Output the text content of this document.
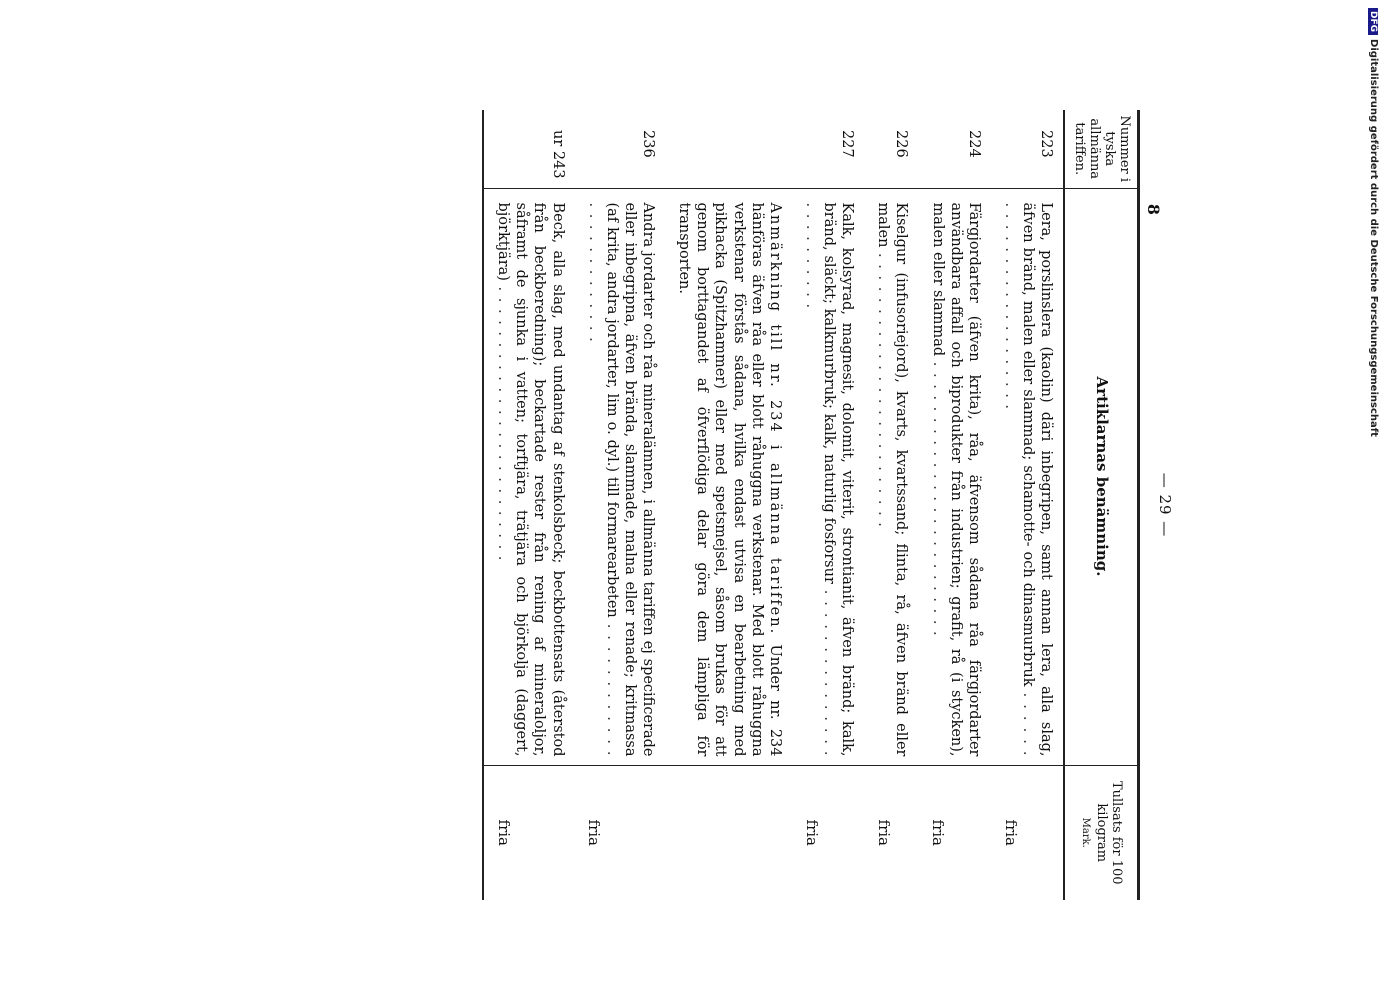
— 29 —
Nummer i tyska allmänna tariffen.	Artiklarnas benämning.	Tullsats för 100 kilogram
Mark.

223	Lera, porslinslera (kaolin) däri inbegripen, samt annan lera, alla slag, äfven bränd, malen eller slammad; schamotte- och dinasmurbruk . . .	fria
224	Färgjordarter (äfven krita), råa, äfvensom sådana råa färgjordarter användbara affall och biprodukter från industrien; grafit, rå (i stycken), malen eller slammad . . .	fria
226	Kiselgur (infusoriejord), kvarts, kvartssand; flinta, rå, äfven bränd eller malen . . .	fria
227	Kalk, kolsyrad, magnesit, dolomit, viterit, strontianit, äfven bränd; kalk, bränd, släckt; kalkmurbruk; kalk, naturlig fosforsur . . .	fria
	Anmärkning till nr. 234 i allmänna tariffen. Under nr. 234 hänföras äfven råa eller blott råhuggna verkstenar. Med blott råhuggna verkstenar förstås sådana, hvilka endast utvisa en bearbetning med pikhacka (Spitzhammer) eller med spetsmejsel, såsom brukas för att genom borttagandet af öfverflödiga delar göra dem lämpliga för transporten.	
236	Andra jordarter och råa mineralämnen, i allmänna tariffen ej specificerade eller inbegripna, äfven brända, slammade, malna eller renade; kritmassa (af krita, andra jordarter, lim o. dyl.) till formarearbeten . . .	fria
ur 243	Beck, alla slag, med undantag af stenkolsbeck; beckbottensats (återstod från beckberedning); beckartade rester från rening af mineraloljor, såframt de sjunka i vatten; torftjära, trätjära och björkolja (daggert, björktjära) . . .	fria
8
DFGDigitalisierung gefördert durch die Deutsche Forschungsgemeinschaft
